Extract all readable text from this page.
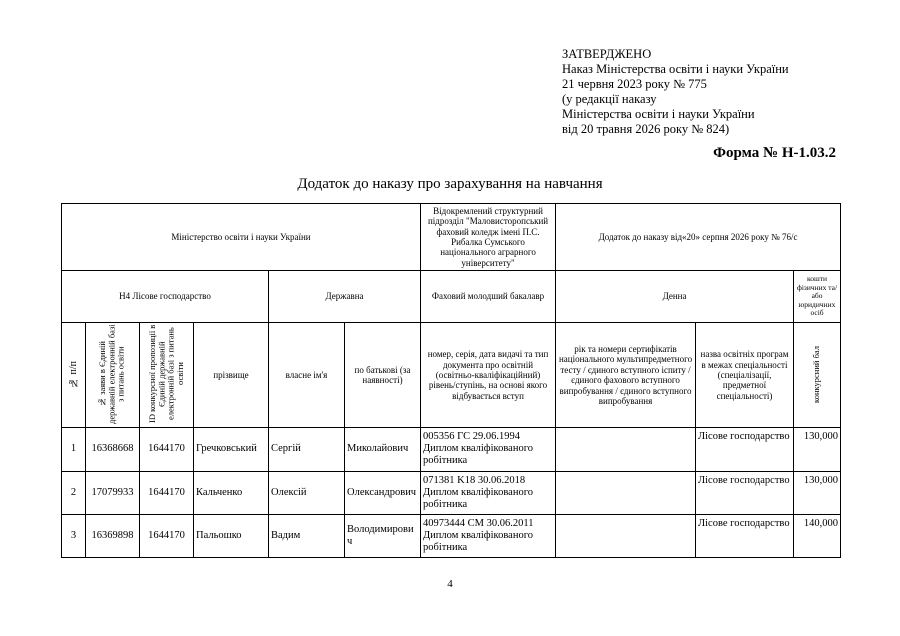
ЗАТВЕРДЖЕНО
Наказ Міністерства освіти і науки України
21 червня 2023 року № 775
(у редакції наказу
Міністерства освіти і науки України
від 20 травня 2026 року № 824)
Форма № Н-1.03.2
Додаток до наказу про зарахування на навчання
Міністерство освіти і науки України						Відокремлений структурний підрозділ "Маловисторопський фаховий коледж імені П.С. Рибалка Сумського національного аграрного університету"	Додаток до наказу від«20» серпня 2026 року № 76/с		
H4 Лісове господарство				Державна		Фаховий молодший бакалавр	Денна		кошти фізичних та/або юридичних осіб
№ п/п	№ заяви в Єдиній державній електронній базі з питань освіти	ID конкурсної пропозиції в Єдиній державній електронній базі з питань освіти	прізвище	власне ім'я	по батькові (за наявності)	номер, серія, дата видачі та тип документа про освітній (освітньо-кваліфікаційний) рівень/ступінь, на основі якого відбувається вступ	рік та номери сертифікатів національного мультипредметного тесту / єдиного вступного іспиту / єдиного фахового вступного випробування / єдиного вступного випробування	назва освітніх програм в межах спеціальності (спеціалізації, предметної спеціальності)	конкурсний бал
1	16368668	1644170	Гречковський	Сергій	Миколайович	005356 ГС 29.06.1994 Диплом кваліфікованого робітника		Лісове господарство	130,000
2	17079933	1644170	Кальченко	Олексій	Олександрович	071381 K18 30.06.2018 Диплом кваліфікованого робітника		Лісове господарство	130,000
3	16369898	1644170	Пальошко	Вадим	Володимирович	40973444 CM 30.06.2011 Диплом кваліфікованого робітника		Лісове господарство	140,000
4
